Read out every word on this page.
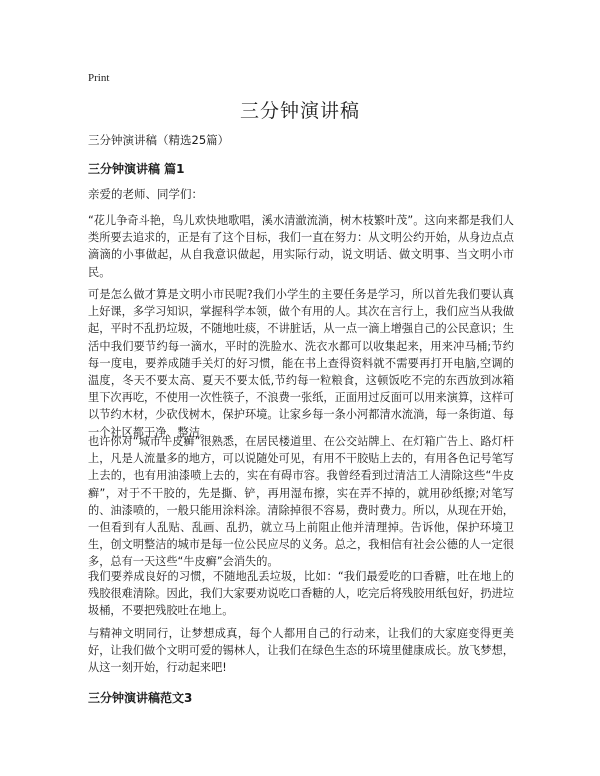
Print
三分钟演讲稿
三分钟演讲稿（精选25篇）
三分钟演讲稿 篇1
亲爱的老师、同学们：

“花儿争奇斗艳，鸟儿欢快地歌唱，溪水清澈流淌，树木枝繁叶茂”。这向来都是我们人类所要去追求的，正是有了这个目标，我们一直在努力：从文明公约开始，从身边点点滴滴的小事做起，从自我意识做起，用实际行动，说文明话、做文明事、当文明小市民。

可是怎么做才算是文明小市民呢?我们小学生的主要任务是学习，所以首先我们要认真上好课，多学习知识，掌握科学本领，做个有用的人。其次在言行上，我们应当从我做起，平时不乱扔垃圾，不随地吐痰，不讲脏话，从一点一滴上增强自己的公民意识；生活中我们要节约每一滴水，平时的洗脸水、洗衣水都可以收集起来，用来冲马桶;节约每一度电，要养成随手关灯的好习惯，能在书上查得资料就不需要再打开电脑,空调的温度，冬天不要太高、夏天不要太低,节约每一粒粮食，这顿饭吃不完的东西放到冰箱里下次再吃，不使用一次性筷子，不浪费一张纸，正面用过反面可以用来演算，这样可以节约木材，少砍伐树木，保护环境。让家乡每一条小河都清水流淌，每一条街道、每一个社区都干净、整洁。

也许你对“城市牛皮癣”很熟悉，在居民楼道里、在公交站牌上、在灯箱广告上、路灯杆上，凡是人流量多的地方，可以说随处可见，有用不干胶贴上去的，有用各色记号笔写上去的，也有用油漆喷上去的，实在有碍市容。我曾经看到过清洁工人清除这些“牛皮癣”，对于不干胶的，先是撕、铲，再用湿布擦，实在弄不掉的，就用砂纸擦;对笔写的、油漆喷的，一般只能用涂料涂。清除掉很不容易，费时费力。所以，从现在开始，一但看到有人乱贴、乱画、乱扔，就立马上前阻止他并清理掉。告诉他，保护环境卫生，创文明整洁的城市是每一位公民应尽的义务。总之，我相信有社会公德的人一定很多，总有一天这些“牛皮癣”会消失的。

我们要养成良好的习惯，不随地乱丢垃圾，比如：“我们最爱吃的口香糖，吐在地上的残胶很难清除。因此，我们大家要劝说吃口香糖的人，吃完后将残胶用纸包好，扔进垃圾桶，不要把残胶吐在地上。

与精神文明同行，让梦想成真，每个人都用自己的行动来，让我们的大家庭变得更美好，让我们做个文明可爱的锡林人，让我们在绿色生态的环境里健康成长。放飞梦想，从这一刻开始，行动起来吧!

三分钟演讲稿范文3
